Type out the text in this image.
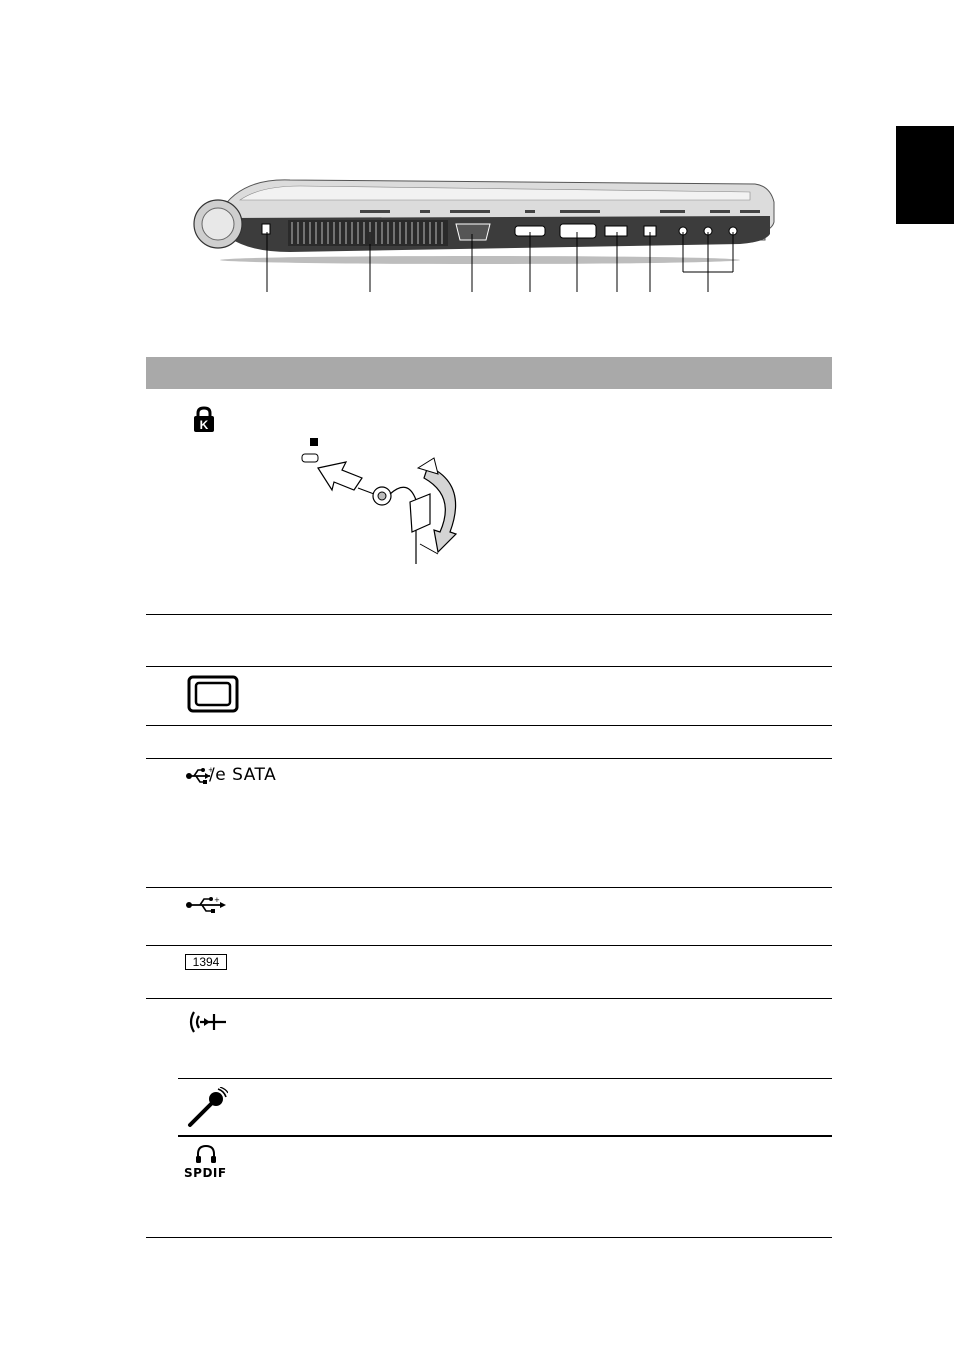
K
+
/e SATA
+
1394
SPDIF
